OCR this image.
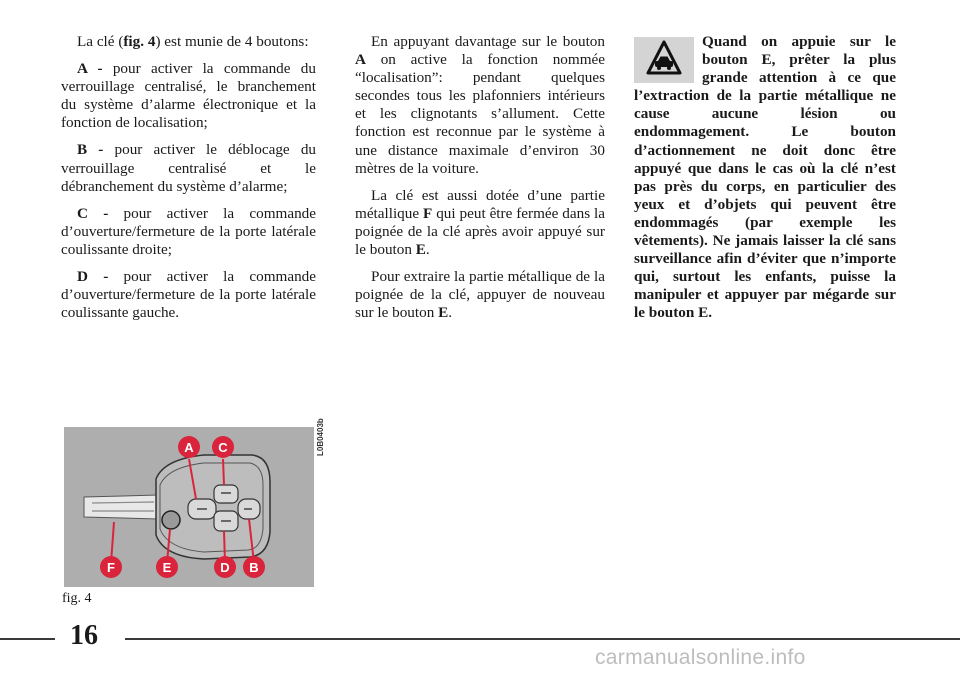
La clé (fig. 4) est munie de 4 boutons:

A - pour activer la commande du verrouillage centralisé, le branchement du système d’alarme électronique et la fonction de localisation;

B - pour activer le déblocage du verrouillage centralisé et le débranchement du système d’alarme;

C - pour activer la commande d’ouverture/fermeture de la porte latérale coulissante droite;

D - pour activer la commande d’ouverture/fermeture de la porte latérale coulissante gauche.

En appuyant davantage sur le bouton A on active la fonction nommée “localisation”: pendant quelques secondes tous les plafonniers intérieurs et les clignotants s’allument. Cette fonction est reconnue par le système à une distance maximale d’environ 30 mètres de la voiture.

La clé est aussi dotée d’une partie métallique F qui peut être fermée dans la poignée de la clé après avoir appuyé sur le bouton E.

Pour extraire la partie métallique de la poignée de la clé, appuyer de nouveau sur le bouton E.

Quand on appuie sur le bouton E, prêter la plus grande attention à ce que l’extraction de la partie métallique ne cause aucune lésion ou endommagement. Le bouton d’actionnement ne doit donc être appuyé que dans le cas où la clé n’est pas près du corps, en particulier des yeux et d’objets qui peuvent être endommagés (par exemple les vêtements). Ne jamais laisser la clé sans surveillance afin d’éviter que n’importe qui, surtout les enfants, puisse la manipuler et appuyer par mégarde sur le bouton E.

A C
F	E	D B
L0B0403b
fig. 4
16
carmanualsonline.info
